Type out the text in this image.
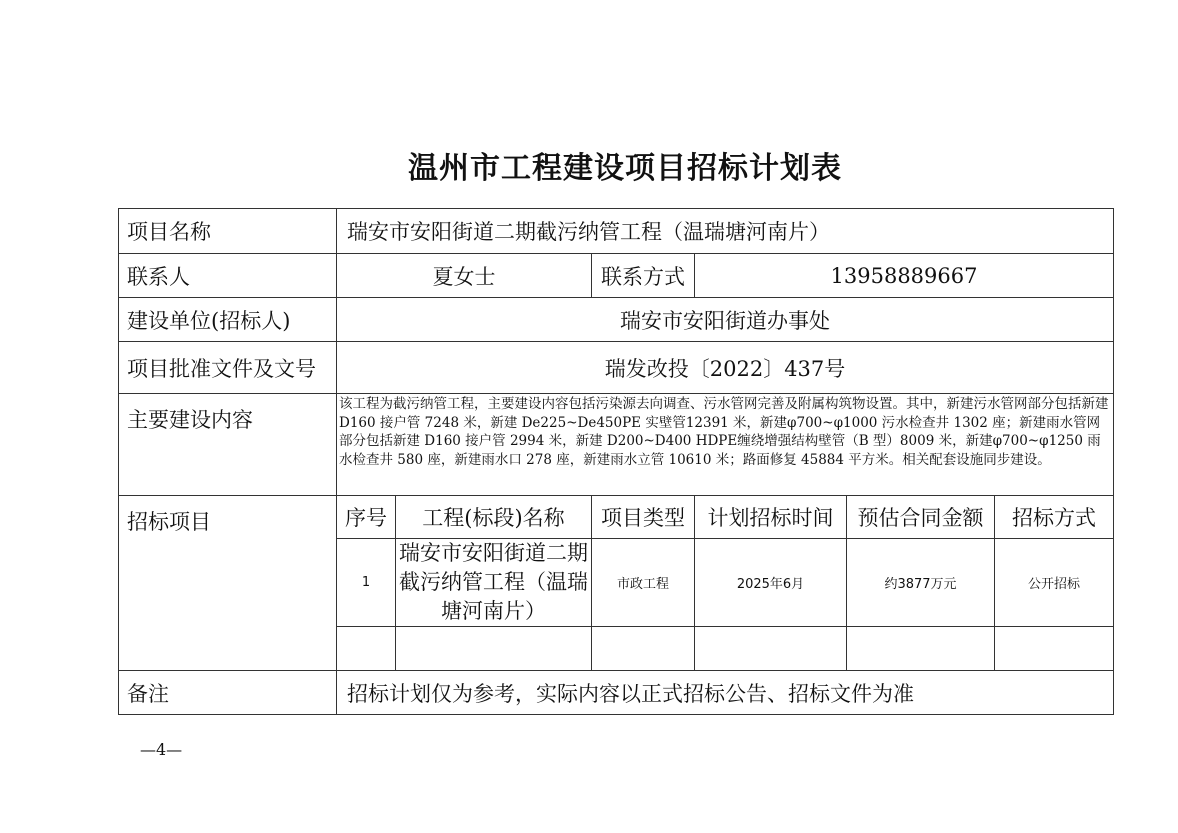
温州市工程建设项目招标计划表
项目名称	瑞安市安阳街道二期截污纳管工程（温瑞塘河南片）					
联系人	夏女士		联系方式	13958889667		
建设单位(招标人)	瑞安市安阳街道办事处					
项目批准文件及文号	瑞发改投〔2022〕437号					
主要建设内容	该工程为截污纳管工程，主要建设内容包括污染源去向调查、污水管网完善及附属构筑物设置。其中，新建污水管网部分包括新建 D160 接户管 7248 米，新建 De225~De450PE 实壁管12391 米，新建φ700~φ1000 污水检查井 1302 座；新建雨水管网部分包括新建 D160 接户管 2994 米，新建 D200~D400 HDPE缠绕增强结构壁管（B 型）8009 米，新建φ700~φ1250 雨水检查井 580 座，新建雨水口 278 座，新建雨水立管 10610 米；路面修复 45884 平方米。相关配套设施同步建设。					
招标项目	序号	工程(标段)名称	项目类型	计划招标时间	预估合同金额	招标方式
	1	瑞安市安阳街道二期截污纳管工程（温瑞塘河南片）	市政工程	2025年6月	约3877万元	公开招标

备注	招标计划仅为参考，实际内容以正式招标公告、招标文件为准					
—4—
